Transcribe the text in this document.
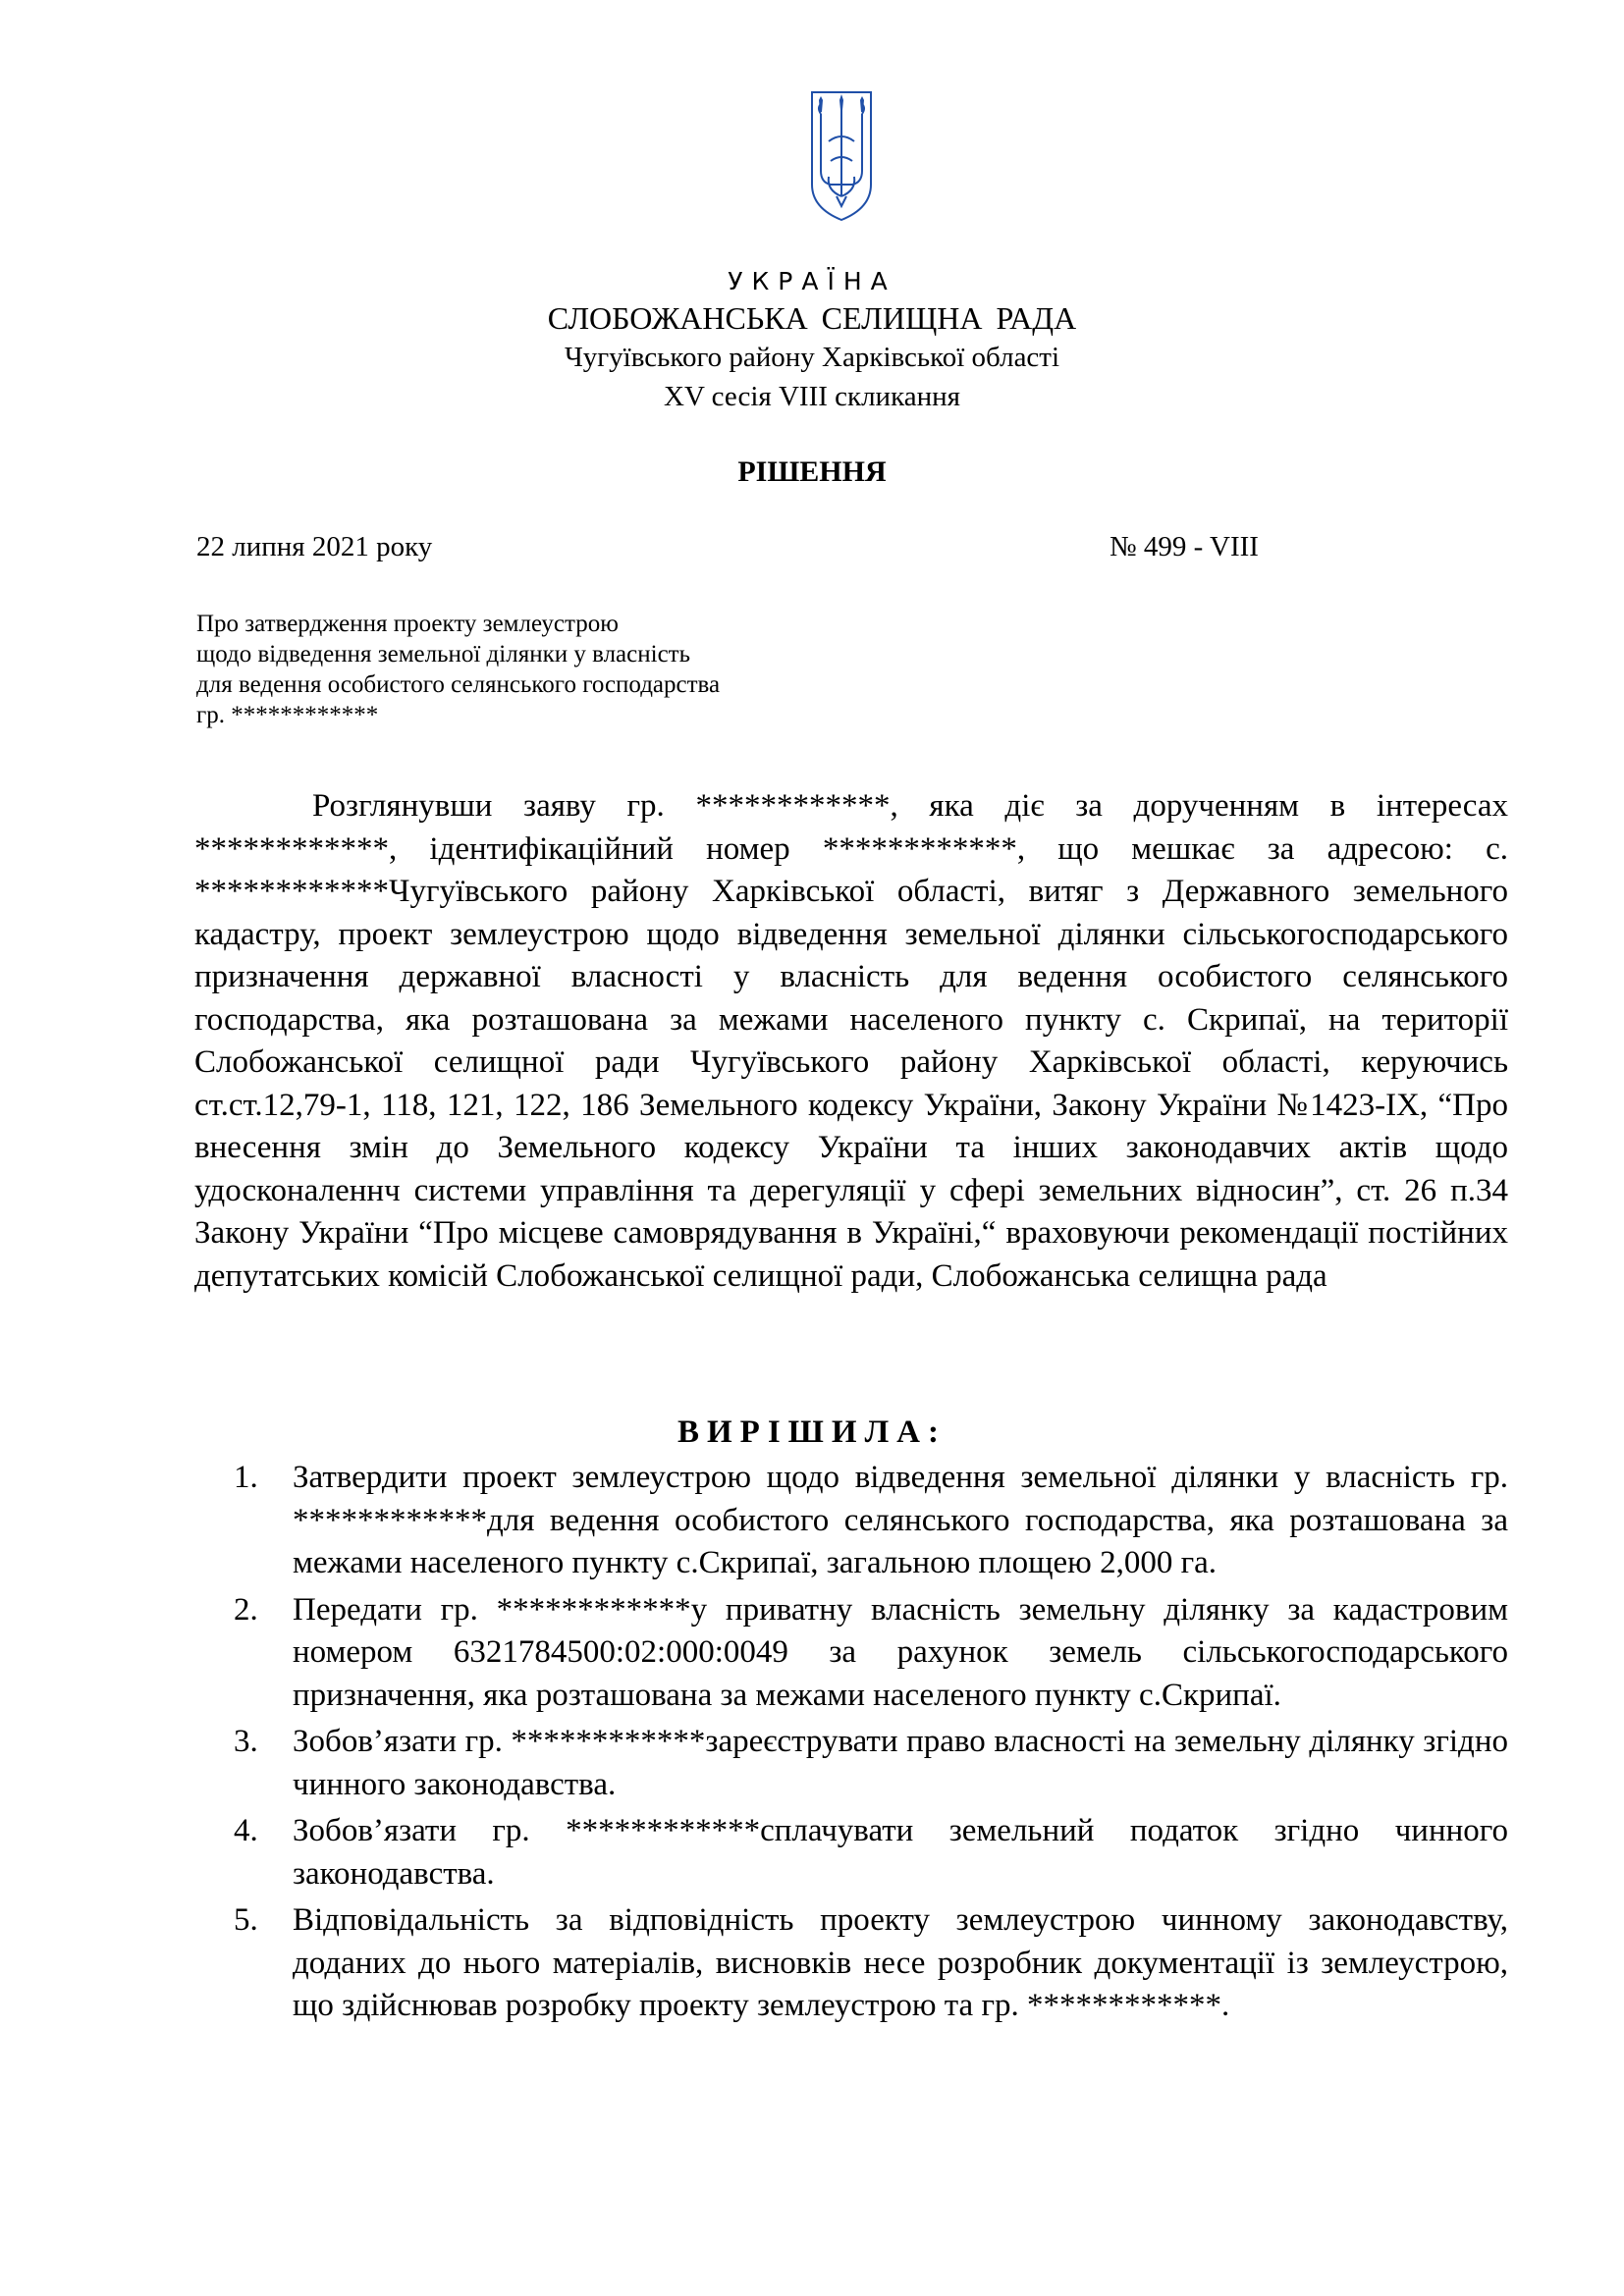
УКРАЇНА
СЛОБОЖАНСЬКА СЕЛИЩНА РАДА
Чугуївського району Харківської області
XV сесія VIII скликання
РІШЕННЯ
22 липня 2021 року	№ 499 - VIII
Про затвердження проекту землеустрою
щодо відведення земельної ділянки у власність
для ведення особистого селянського господарства
гр. ************
Розглянувши заяву гр. ************, яка діє за дорученням в інтересах ************, ідентифікаційний номер ************, що мешкає за адресою: с. ************Чугуївського району Харківської області, витяг з Державного земельного кадастру, проект землеустрою щодо відведення земельної ділянки сільськогосподарського призначення державної власності у власність для ведення особистого селянського господарства, яка розташована за межами населеного пункту с. Скрипаї, на території Слобожанської селищної ради Чугуївського району Харківської області, керуючись ст.ст.12,79-1, 118, 121, 122, 186 Земельного кодексу України, Закону України №1423-IX, “Про внесення змін до Земельного кодексу України та інших законодавчих актів щодо удосконаленнч системи управління та дерегуляції у сфері земельних відносин”, ст. 26 п.34 Закону України “Про місцеве самоврядування в Україні,“ враховуючи рекомендації постійних депутатських комісій Слобожанської селищної ради, Слобожанська селищна рада
ВИРІШИЛА:
1. Затвердити проект землеустрою щодо відведення земельної ділянки у власність гр. ************для ведення особистого селянського господарства, яка розташована за межами населеного пункту с.Скрипаї, загальною площею 2,000 га.
2. Передати гр. ************у приватну власність земельну ділянку за кадастровим номером 6321784500:02:000:0049 за рахунок земель сільськогосподарського призначення, яка розташована за межами населеного пункту с.Скрипаї.
3. Зобов’язати гр. ************зареєструвати право власності на земельну ділянку згідно чинного законодавства.
4. Зобов’язати гр. ************сплачувати земельний податок згідно чинного законодавства.
5. Відповідальність за відповідність проекту землеустрою чинному законодавству, доданих до нього матеріалів, висновків несе розробник документації із землеустрою, що здійснював розробку проекту землеустрою та гр. ************.
